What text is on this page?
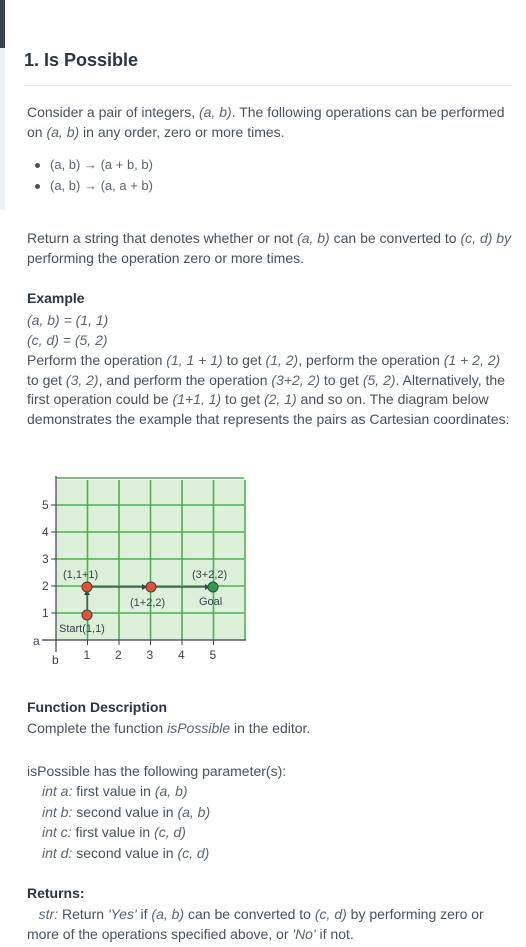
1. Is Possible

Consider a pair of integers, (a, b). The following operations can be performed on (a, b) in any order, zero or more times.

(a, b) → (a + b, b)
(a, b) → (a, a + b)

Return a string that denotes whether or not (a, b) can be converted to (c, d) by performing the operation zero or more times.

Example
(a, b) = (1, 1)
(c, d) = (5, 2)

Perform the operation (1, 1 + 1) to get (1, 2), perform the operation (1 + 2, 2) to get (3, 2), and perform the operation (3+2, 2) to get (5, 2). Alternatively, the first operation could be (1+1, 1) to get (2, 1) and so on. The diagram below demonstrates the example that represents the pairs as Cartesian coordinates:

1
2
3
4
5
1 2 3 4 5
a
b
(1,1+1)
Start(1,1)
(1+2,2)
(3+2,2)
Goal
Function Description

Complete the function isPossible in the editor.

isPossible has the following parameter(s):

int a: first value in (a, b)
int b: second value in (a, b)
int c: first value in (c, d)
int d: second value in (c, d)
Returns:

str: Return 'Yes' if (a, b) can be converted to (c, d) by performing zero or more of the operations specified above, or 'No' if not.
